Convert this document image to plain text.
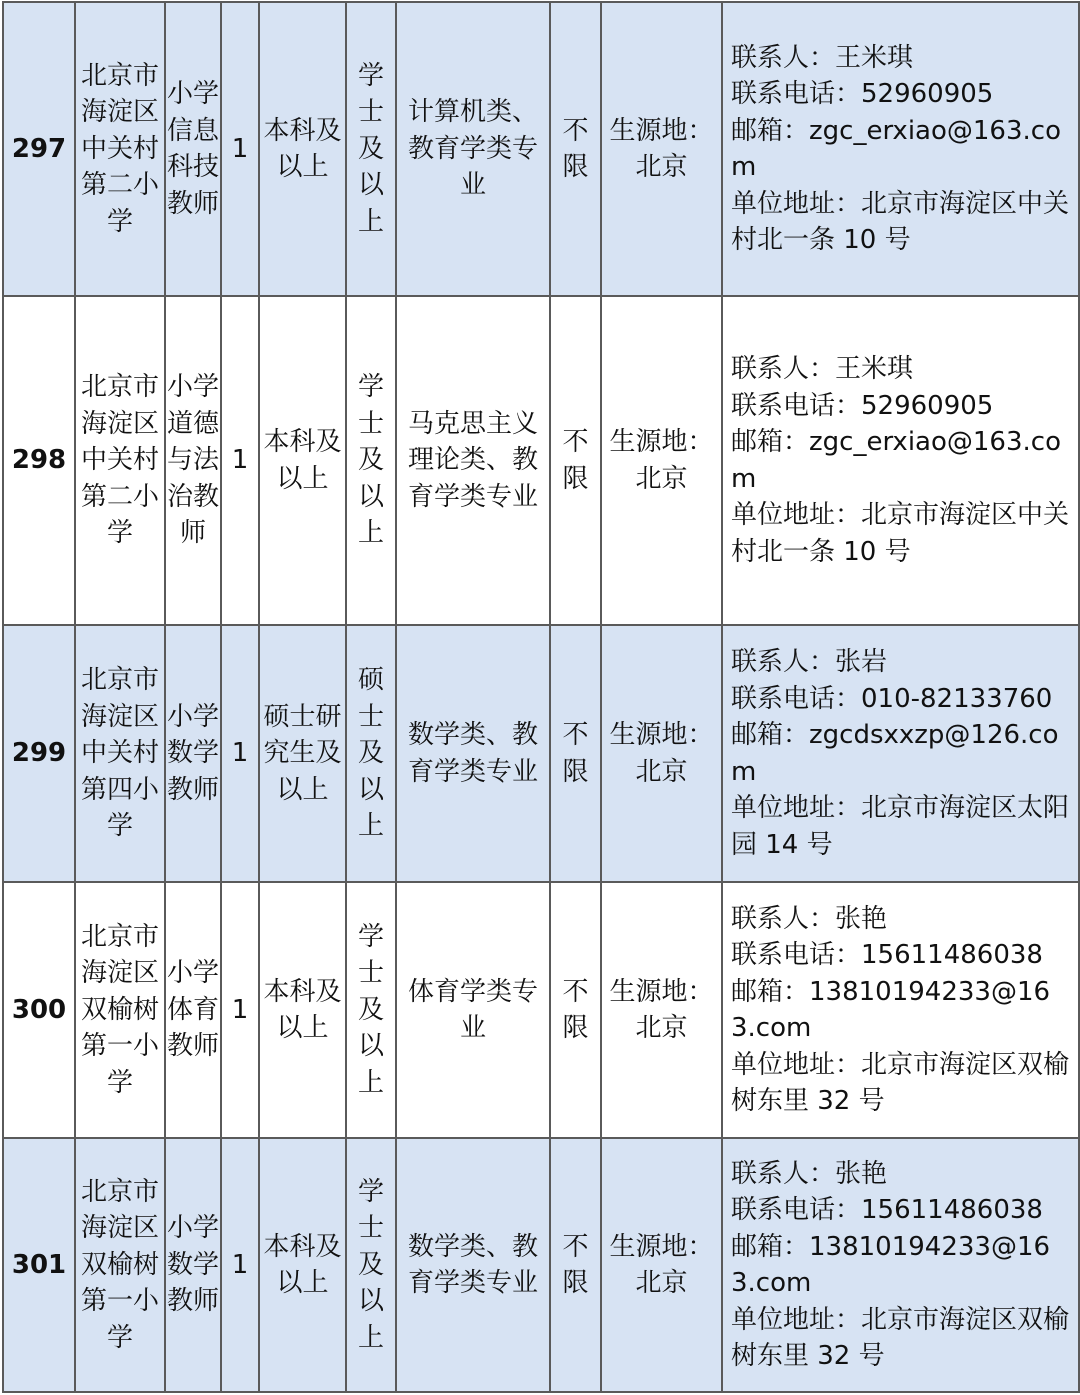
297	北京市海淀区中关村第二小学	小学信息科技教师	1	本科及以上	学士及以上	计算机类、教育学类专业	不限	生源地：北京	联系人：王米琪
联系电话：52960905
邮箱：zgc_erxiao@163.com
单位地址：北京市海淀区中关村北一条 10 号

298	北京市海淀区中关村第二小学	小学道德与法治教师	1	本科及以上	学士及以上	马克思主义理论类、教育学类专业	不限	生源地：北京	联系人：王米琪
联系电话：52960905
邮箱：zgc_erxiao@163.com
单位地址：北京市海淀区中关村北一条 10 号

299	北京市海淀区中关村第四小学	小学数学教师	1	硕士研究生及以上	硕士及以上	数学类、教育学类专业	不限	生源地：北京	联系人：张岩
联系电话：010-82133760
邮箱：zgcdsxxzp@126.com
单位地址：北京市海淀区太阳园 14 号

300	北京市海淀区双榆树第一小学	小学体育教师	1	本科及以上	学士及以上	体育学类专业	不限	生源地：北京	联系人：张艳
联系电话：15611486038
邮箱：13810194233@163.com
单位地址：北京市海淀区双榆树东里 32 号

301	北京市海淀区双榆树第一小学	小学数学教师	1	本科及以上	学士及以上	数学类、教育学类专业	不限	生源地：北京	联系人：张艳
联系电话：15611486038
邮箱：13810194233@163.com
单位地址：北京市海淀区双榆树东里 32 号
